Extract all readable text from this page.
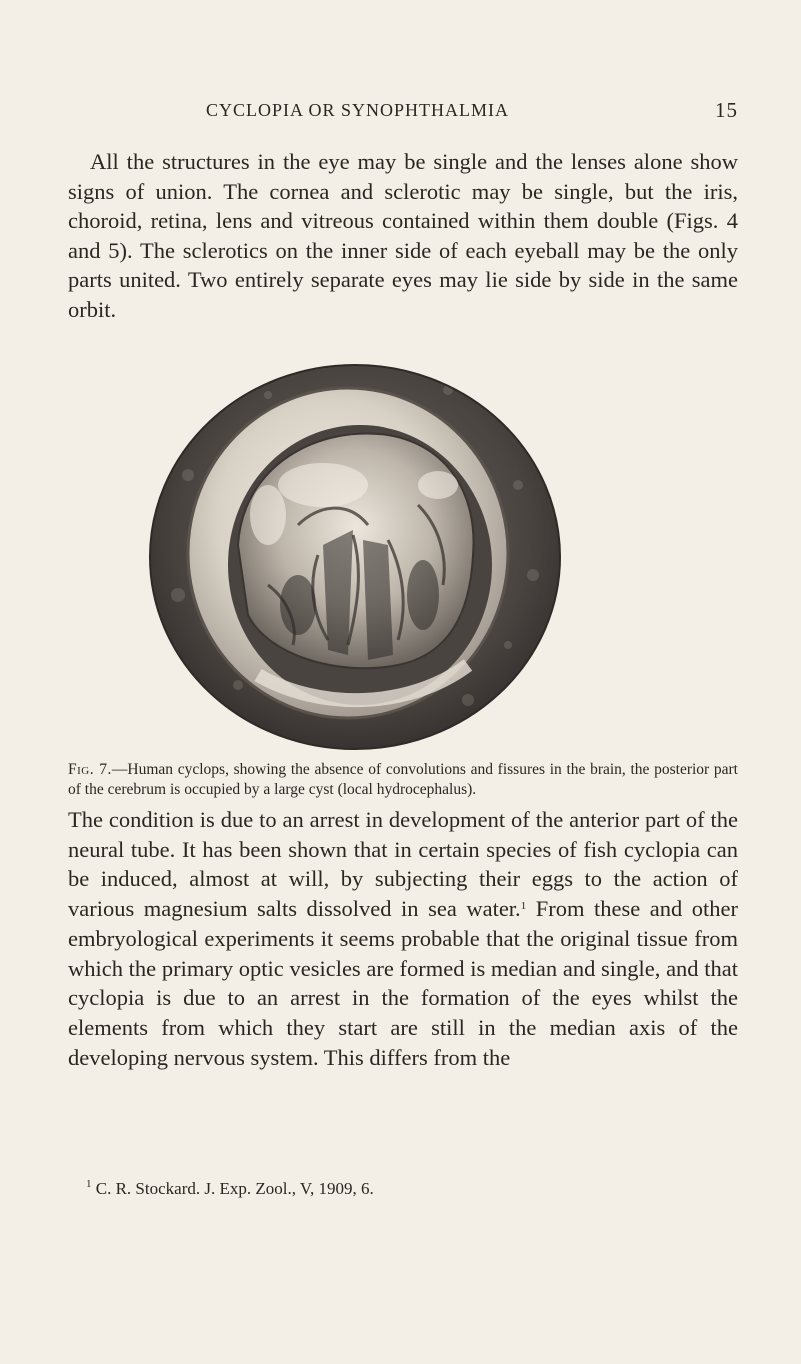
CYCLOPIA OR SYNOPHTHALMIA	15

All the structures in the eye may be single and the lenses alone show signs of union. The cornea and sclerotic may be single, but the iris, choroid, retina, lens and vitreous contained within them double (Figs. 4 and 5). The sclerotics on the inner side of each eyeball may be the only parts united. Two entirely separate eyes may lie side by side in the same orbit.

Fig. 7.—Human cyclops, showing the absence of convolutions and fissures in the brain, the posterior part of the cerebrum is occupied by a large cyst (local hydrocephalus).

The condition is due to an arrest in development of the anterior part of the neural tube. It has been shown that in certain species of fish cyclopia can be induced, almost at will, by subjecting their eggs to the action of various magnesium salts dissolved in sea water.$^1$ From these and other embryological experiments it seems probable that the original tissue from which the primary optic vesicles are formed is median and single, and that cyclopia is due to an arrest in the formation of the eyes whilst the elements from which they start are still in the median axis of the developing nervous system. This differs from the

$^1$ C. R. Stockard. J. Exp. Zool., V, 1909, 6.
